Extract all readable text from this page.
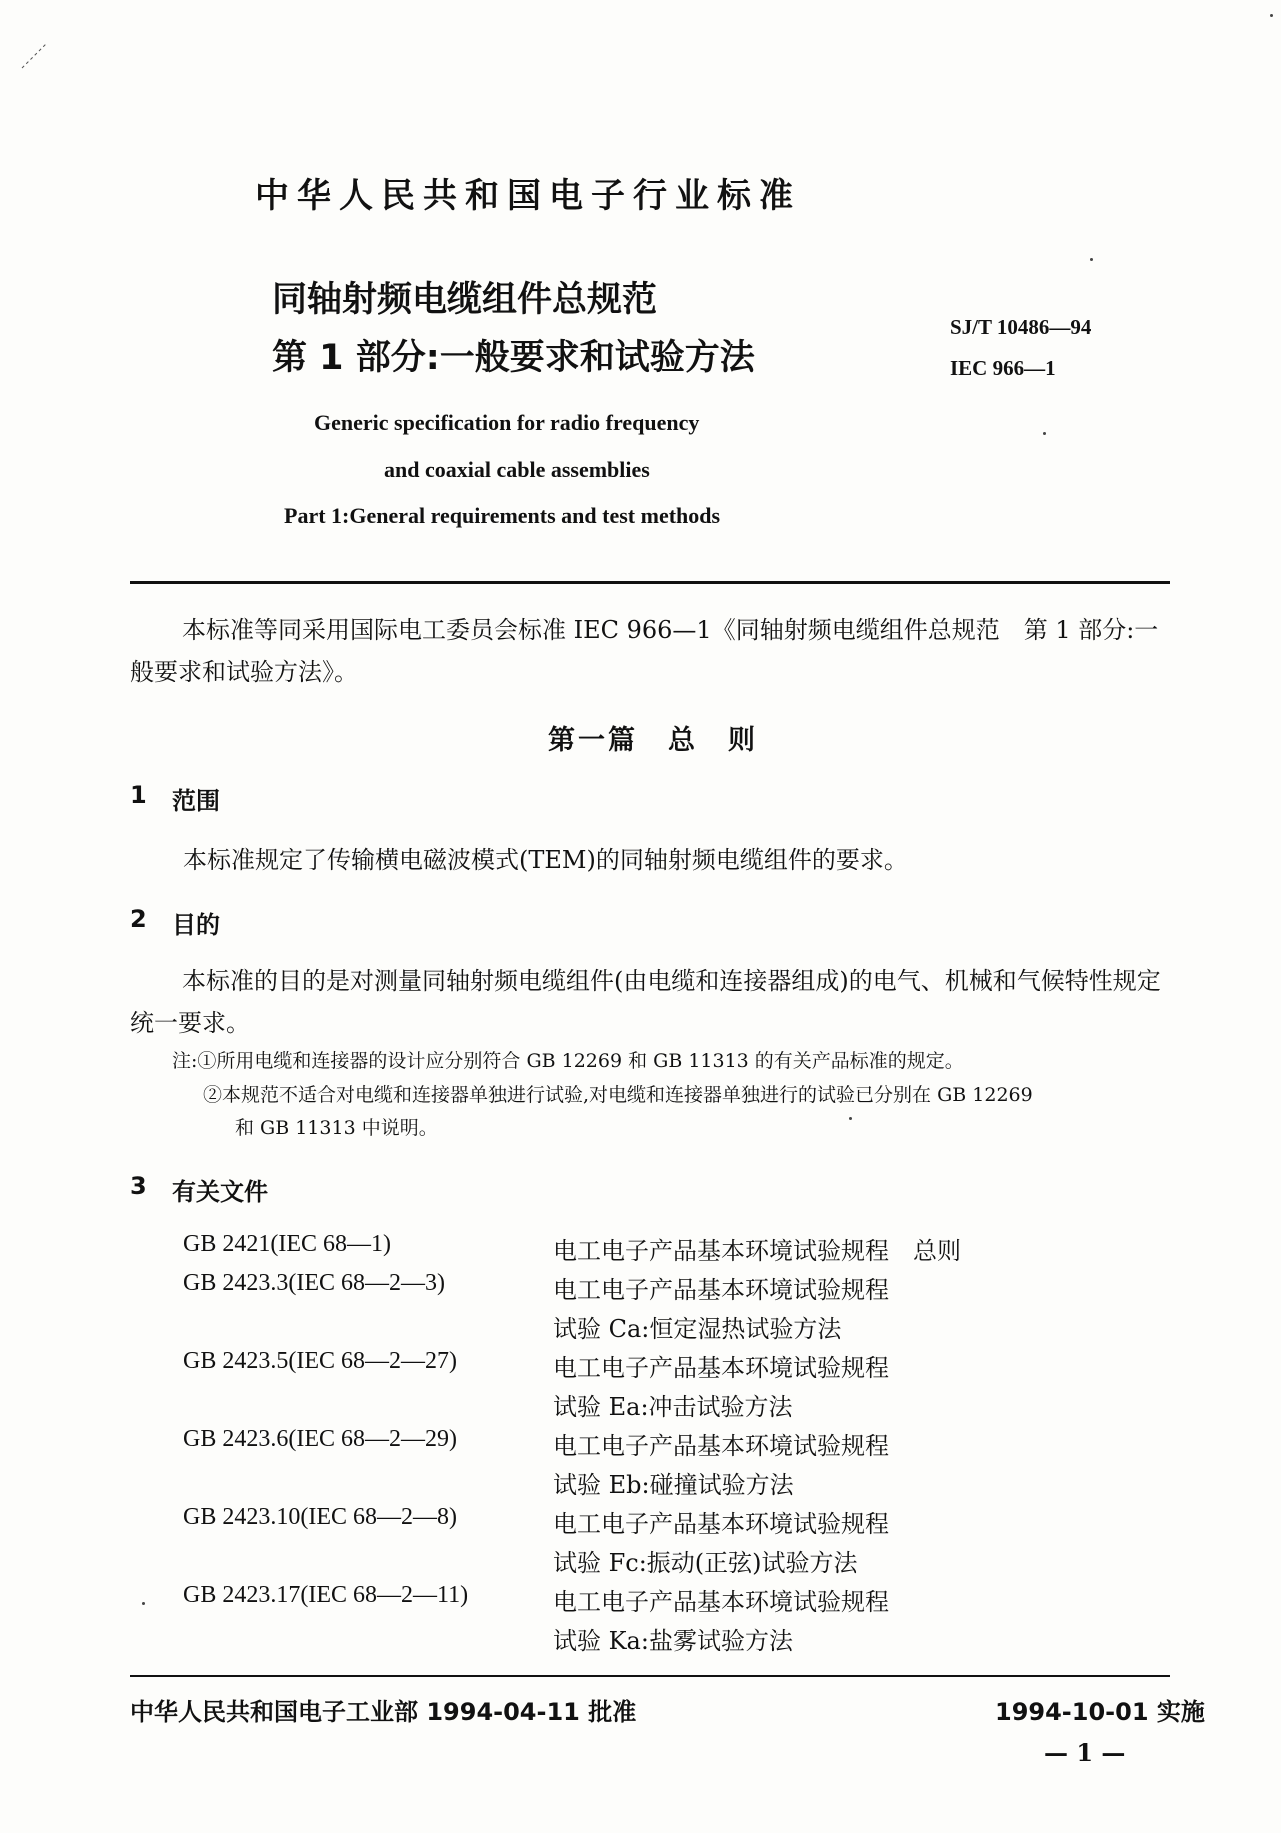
中华人民共和国电子行业标准
同轴射频电缆组件总规范
第 1 部分:一般要求和试验方法
SJ/T 10486—94
IEC 966—1
Generic specification for radio frequency
and coaxial cable assemblies
Part 1:General requirements and test methods
本标准等同采用国际电工委员会标准 IEC 966—1《同轴射频电缆组件总规范　第 1 部分:一般要求和试验方法》。
第一篇　总　则
1 范围
本标准规定了传输横电磁波模式(TEM)的同轴射频电缆组件的要求。
2 目的
本标准的目的是对测量同轴射频电缆组件(由电缆和连接器组成)的电气、机械和气候特性规定统一要求。
注:①所用电缆和连接器的设计应分别符合 GB 12269 和 GB 11313 的有关产品标准的规定。
②本规范不适合对电缆和连接器单独进行试验,对电缆和连接器单独进行的试验已分别在 GB 12269
和 GB 11313 中说明。
3 有关文件
GB 2421(IEC 68—1)	电工电子产品基本环境试验规程　总则
GB 2423.3(IEC 68—2—3)	电工电子产品基本环境试验规程
试验 Ca:恒定湿热试验方法
GB 2423.5(IEC 68—2—27)	电工电子产品基本环境试验规程
试验 Ea:冲击试验方法
GB 2423.6(IEC 68—2—29)	电工电子产品基本环境试验规程
试验 Eb:碰撞试验方法
GB 2423.10(IEC 68—2—8)	电工电子产品基本环境试验规程
试验 Fc:振动(正弦)试验方法
GB 2423.17(IEC 68—2—11)	电工电子产品基本环境试验规程
试验 Ka:盐雾试验方法
中华人民共和国电子工业部 1994-04-11 批准	1994-10-01 实施
— 1 —
